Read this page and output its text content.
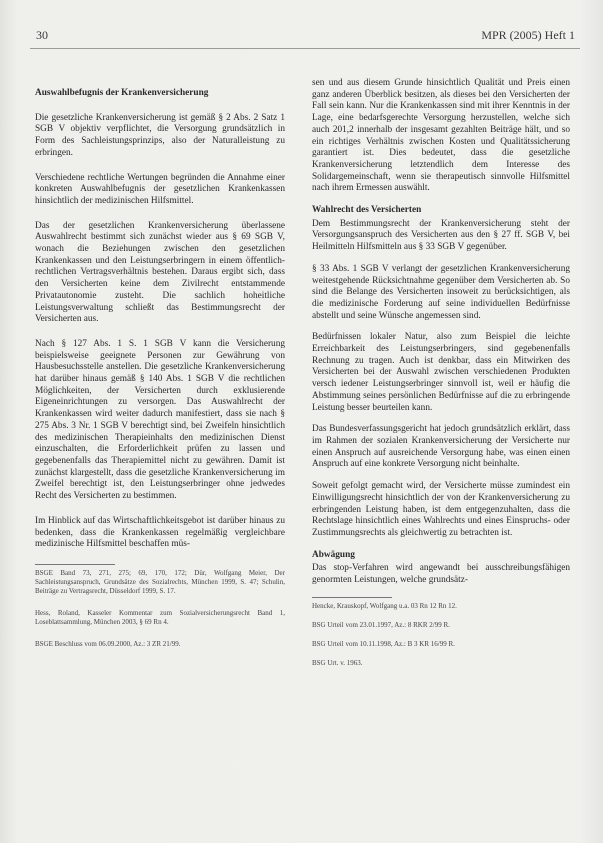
30	MPR (2005) Heft 1
Auswahlbefugnis der Krankenversicherung

Die gesetzliche Krankenversicherung ist gemäß § 2 Abs. 2 Satz 1 SGB V objektiv verpflichtet, die Versorgung grundsätzlich in Form des Sachleistungsprinzips, also der Naturalleistung zu erbringen.

Verschiedene rechtliche Wertungen begründen die Annahme einer konkreten Auswahlbefugnis der gesetzlichen Krankenkassen hinsichtlich der medizinischen Hilfsmittel.

Das der gesetzlichen Krankenversicherung überlassene Auswahlrecht bestimmt sich zunächst wieder aus § 69 SGB V, wonach die Beziehungen zwischen den gesetzlichen Krankenkassen und den Leistungserbringern in einem öffentlich-rechtlichen Vertragsverhältnis bestehen. Daraus ergibt sich, dass den Versicherten keine dem Zivilrecht entstammende Privatautonomie zusteht. Die sachlich hoheitliche Leistungsverwaltung schließt das Bestimmungsrecht der Versicherten aus.

Nach § 127 Abs. 1 S. 1 SGB V kann die Versicherung beispielsweise geeignete Personen zur Gewährung von Hausbesuchsstelle anstellen. Die gesetzliche Krankenversicherung hat darüber hinaus gemäß § 140 Abs. 1 SGB V die rechtlichen Möglichkeiten, der Versicherten durch exklusierende Eigeneinrichtungen zu versorgen. Das Auswahlrecht der Krankenkassen wird weiter dadurch manifestiert, dass sie nach § 275 Abs. 3 Nr. 1 SGB V berechtigt sind, bei Zweifeln hinsichtlich des medizinischen Therapieinhalts den medizinischen Dienst einzuschalten, die Erforderlichkeit prüfen zu lassen und gegebenenfalls das Therapiemittel nicht zu gewähren. Damit ist zunächst klargestellt, dass die gesetzliche Krankenversicherung im Zweifel berechtigt ist, den Leistungserbringer ohne jedwedes Recht des Versicherten zu bestimmen.

Im Hinblick auf das Wirtschaftlichkeitsgebot ist darüber hinaus zu bedenken, dass die Krankenkassen regelmäßig vergleichbare medizinische Hilfsmittel beschaffen müs-

BSGE Band 73, 271, 275; 69, 170, 172; Dür, Wolfgang Meier, Der Sachleistungsanspruch, Grundsätze des Sozialrechts, München 1999, S. 47; Schulin, Beiträge zu Vertragsrecht, Düsseldorf 1999, S. 17.

Hess, Roland, Kasseler Kommentar zum Sozialversicherungsrecht Band 1, Loseblattsammlung, München 2003, § 69 Rn 4.

BSGE Beschluss vom 06.09.2000, Az.: 3 ZR 21/99.

sen und aus diesem Grunde hinsichtlich Qualität und Preis einen ganz anderen Überblick besitzen, als dieses bei den Versicherten der Fall sein kann. Nur die Krankenkassen sind mit ihrer Kenntnis in der Lage, eine bedarfsgerechte Versorgung herzustellen, welche sich auch 201,2 innerhalb der insgesamt gezahlten Beiträge hält, und so ein richtiges Verhältnis zwischen Kosten und Qualitätssicherung garantiert ist. Dies bedeutet, dass die gesetzliche Krankenversicherung letztendlich dem Interesse des Solidargemeinschaft, wenn sie therapeutisch sinnvolle Hilfsmittel nach ihrem Ermessen auswählt.

Wahlrecht des Versicherten

Dem Bestimmungsrecht der Krankenversicherung steht der Versorgungsanspruch des Versicherten aus den § 27 ff. SGB V, bei Heilmitteln Hilfsmitteln aus § 33 SGB V gegenüber.

§ 33 Abs. 1 SGB V verlangt der gesetzlichen Krankenversicherung weitestgehende Rücksichtnahme gegenüber dem Versicherten ab. So sind die Belange des Versicherten insoweit zu berücksichtigen, als die medizinische Forderung auf seine individuellen Bedürfnisse abstellt und seine Wünsche angemessen sind.

Bedürfnissen lokaler Natur, also zum Beispiel die leichte Erreichbarkeit des Leistungserbringers, sind gegebenenfalls Rechnung zu tragen. Auch ist denkbar, dass ein Mitwirken des Versicherten bei der Auswahl zwischen verschiedenen Produkten versch iedener Leistungserbringer sinnvoll ist, weil er häufig die Abstimmung seines persönlichen Bedürfnisse auf die zu erbringende Leistung besser beurteilen kann.

Das Bundesverfassungsgericht hat jedoch grundsätzlich erklärt, dass im Rahmen der sozialen Krankenversicherung der Versicherte nur einen Anspruch auf ausreichende Versorgung habe, was einen einen Anspruch auf eine konkrete Versorgung nicht beinhalte.

Soweit gefolgt gemacht wird, der Versicherte müsse zumindest ein Einwilligungsrecht hinsichtlich der von der Krankenversicherung zu erbringenden Leistung haben, ist dem entgegenzuhalten, dass die Rechtslage hinsichtlich eines Wahlrechts und eines Einspruchs- oder Zustimmungsrechts als gleichwertig zu betrachten ist.

Abwägung

Das stop-Verfahren wird angewandt bei ausschreibungsfähigen genormten Leistungen, welche grundsätz-

Hencke, Krauskopf, Wolfgang u.a. 03 Rn 12 Rn 12.

BSG Urteil vom 23.01.1997, Az.: 8 RKR 2/99 R.

BSG Urteil vom 10.11.1998, Az.: B 3 KR 16/99 R.

BSG Urt. v. 1963.
